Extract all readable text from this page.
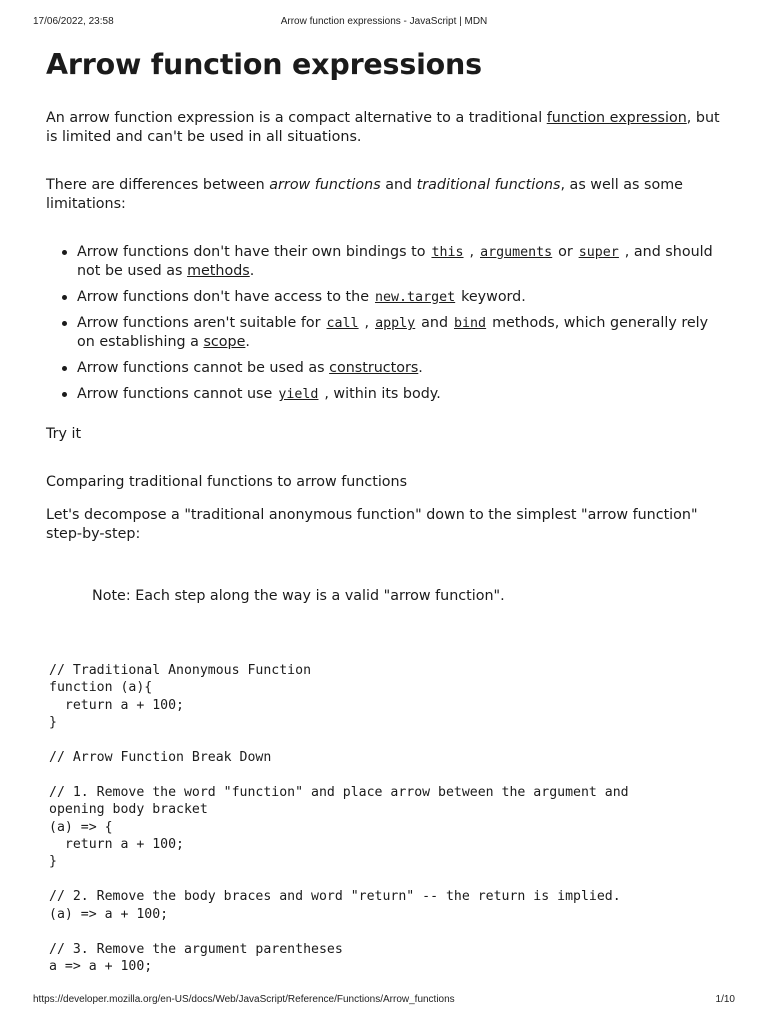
17/06/2022, 23:58	Arrow function expressions - JavaScript | MDN
Arrow function expressions

An arrow function expression is a compact alternative to a traditional function expression, but is limited and can't be used in all situations.

There are differences between arrow functions and traditional functions, as well as some limitations:

Arrow functions don't have their own bindings to this , arguments or super , and should not be used as methods.
Arrow functions don't have access to the new.target keyword.
Arrow functions aren't suitable for call , apply and bind methods, which generally rely on establishing a scope.
Arrow functions cannot be used as constructors.
Arrow functions cannot use yield , within its body.

Try it

Comparing traditional functions to arrow functions

Let's decompose a "traditional anonymous function" down to the simplest "arrow function" step-by-step:

Note: Each step along the way is a valid "arrow function".

// Traditional Anonymous Function
function (a){
return a + 100;
}

// Arrow Function Break Down

// 1. Remove the word "function" and place arrow between the argument and
opening body bracket
(a) => {
return a + 100;
}

// 2. Remove the body braces and word "return" -- the return is implied.
(a) => a + 100;

// 3. Remove the argument parentheses
a => a + 100;
https://developer.mozilla.org/en-US/docs/Web/JavaScript/Reference/Functions/Arrow_functions	1/10
